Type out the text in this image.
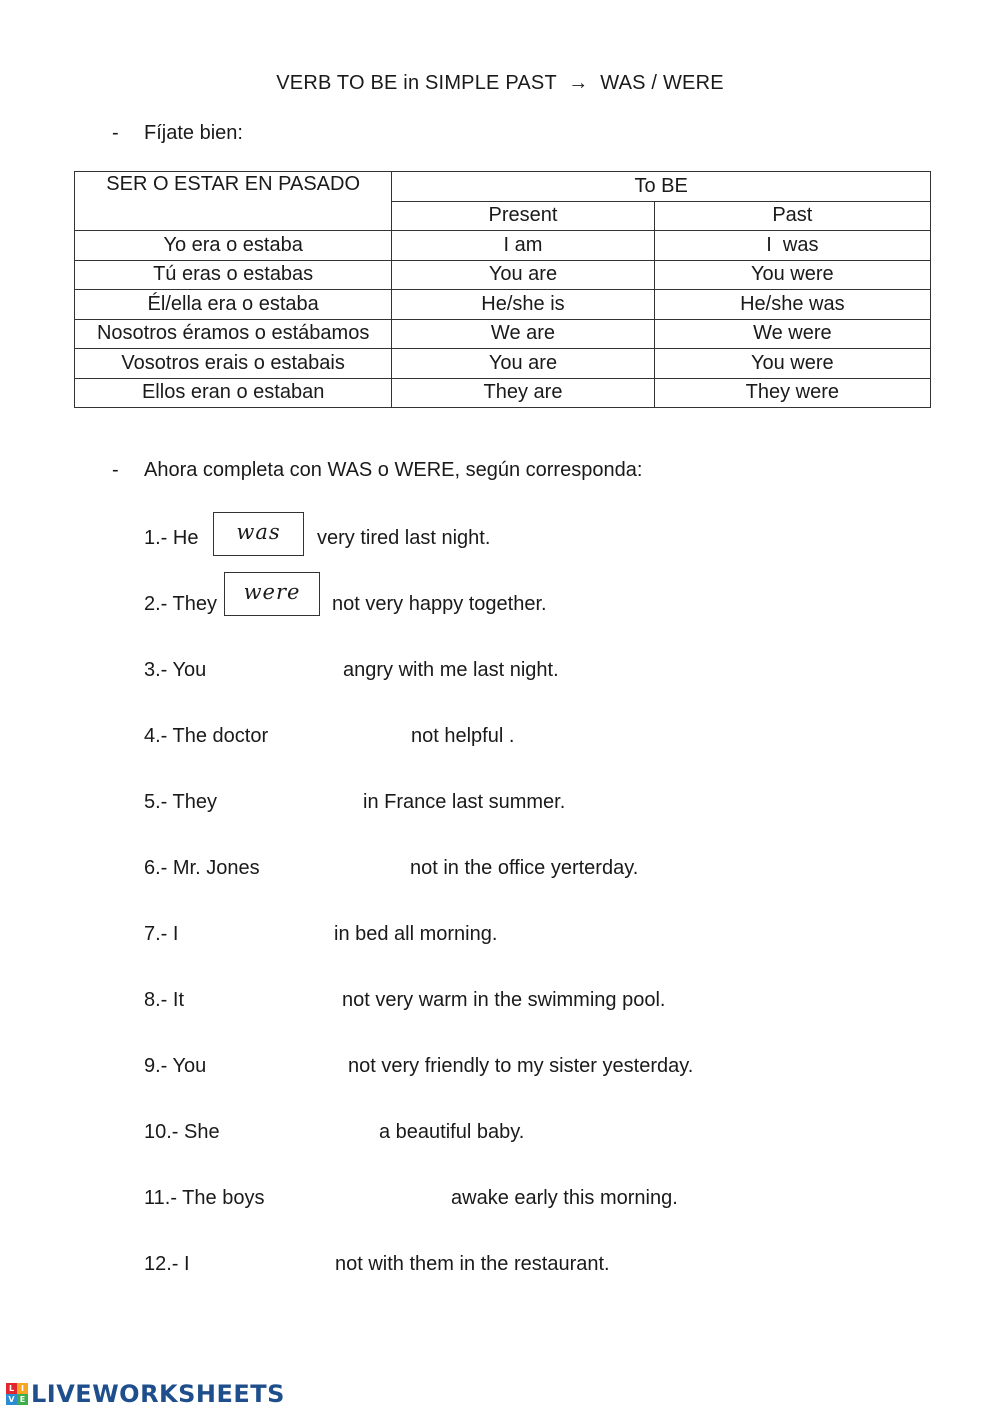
VERB TO BE in SIMPLE PAST → WAS / WERE
- Fíjate bien:
SER O ESTAR EN PASADO	To BE	
	Present	Past
Yo era o estaba	I am	I  was
Tú eras o estabas	You are	You were
Él/ella era o estaba	He/she is	He/she was
Nosotros éramos o estábamos	We are	We were
Vosotros erais o estabais	You are	You were
Ellos eran o estaban	They are	They were
- Ahora completa con WAS o WERE, según corresponda:
1.- He	was	very tired last night.
2.- They	were	not very happy together.
3.- You	angry with me last night.
4.- The doctor	not helpful .
5.- They	in France last summer.
6.- Mr. Jones	not in the office yerterday.
7.- I	in bed all morning.
8.- It	not very warm in the swimming pool.
9.- You	not very friendly to my sister yesterday.
10.- She	a beautiful baby.
11.- The boys	awake early this morning.
12.- I	not with them in the restaurant.
L I
V E LIVEWORKSHEETS
